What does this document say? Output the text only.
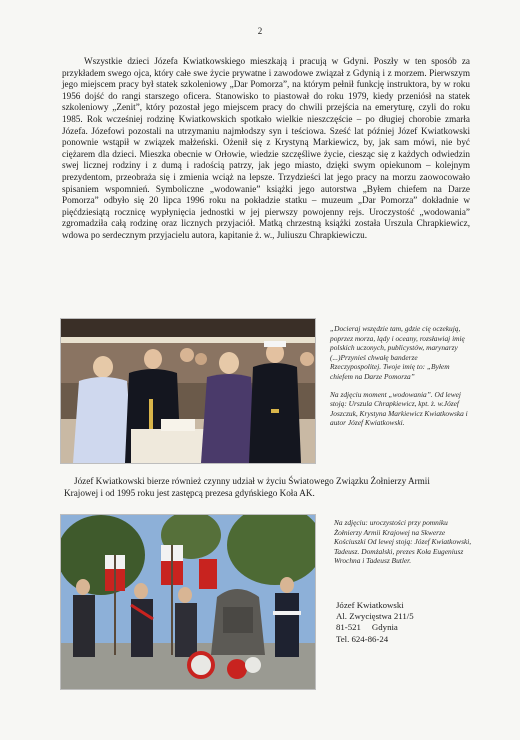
2

Wszystkie dzieci Józefa Kwiatkowskiego mieszkają i pracują w Gdyni. Poszły w ten sposób za przykładem swego ojca, który całe swe życie prywatne i zawodowe związał z Gdynią i z morzem. Pierwszym jego miejscem pracy był statek szkoleniowy „Dar Pomorza”, na którym pełnił funkcję instruktora, by w roku 1956 dojść do rangi starszego oficera. Stanowisko to piastował do roku 1979, kiedy przeniósł na statek szkoleniowy „Zenit”, który pozostał jego miejscem pracy do chwili przejścia na emeryturę, czyli do roku 1985. Rok wcześniej rodzinę Kwiatkowskich spotkało wielkie nieszczęście – po długiej chorobie zmarła Józefa. Józefowi pozostali na utrzymaniu najmłodszy syn i teściowa. Sześć lat później Józef Kwiatkowski ponownie wstąpił w związek małżeński. Ożenił się z Krystyną Markiewicz, by, jak sam mówi, nie być ciężarem dla dzieci. Mieszka obecnie w Orłowie, wiedzie szczęśliwe życie, ciesząc się z każdych odwiedzin swej licznej rodziny i z dumą i radością patrzy, jak jego miasto, dzięki swym opiekunom – kolejnym prezydentom, przeobraża się i zmienia wciąż na lepsze. Trzydzieści lat jego pracy na morzu zaowocowało spisaniem wspomnień. Symboliczne „wodowanie” książki jego autorstwa „Byłem chiefem na Darze Pomorza” odbyło się 20 lipca 1996 roku na pokładzie statku – muzeum „Dar Pomorza” dokładnie w pięćdziesiątą rocznicę wypłynięcia jednostki w jej pierwszy powojenny rejs. Uroczystość „wodowania” zgromadziła całą rodzinę oraz licznych przyjaciół. Matką chrzestną książki została Urszula Chrapkiewicz, wdowa po serdecznym przyjacielu autora, kapitanie ż. w., Juliuszu Chrapkiewiczu.

„Docieraj wszędzie tam, gdzie cię oczekują, poprzez morza, lądy i oceany, rozsławiaj imię polskich uczonych, publicystów, marynarzy (...)Przynieś chwałę banderze Rzeczypospolitej. Twoje imię to: „Byłem chiefem na Darze Pomorza”

Na zdjęciu moment „wodowania”. Od lewej stoją: Urszula Chrapkiewicz, kpt. ż. w.Józef Joszczuk, Krystyna Markiewicz Kwiatkowska i autor Józef Kwiatkowski.

Józef Kwiatkowski bierze również czynny udział w życiu Światowego Związku Żołnierzy Armii Krajowej i od 1995 roku jest zastępcą prezesa gdyńskiego Koła AK.

Na zdjęciu: uroczystości przy pomniku Żołnierzy Armii Krajowej na Skwerze Kościuszki Od lewej stoją: Józef Kwiatkowski, Tadeusz. Domżalski, prezes Koła Eugeniusz Wrochna i Tadeusz Butler.

Józef Kwiatkowski
Al. Zwycięstwa 211/5
81-521     Gdynia
Tel. 624-86-24
